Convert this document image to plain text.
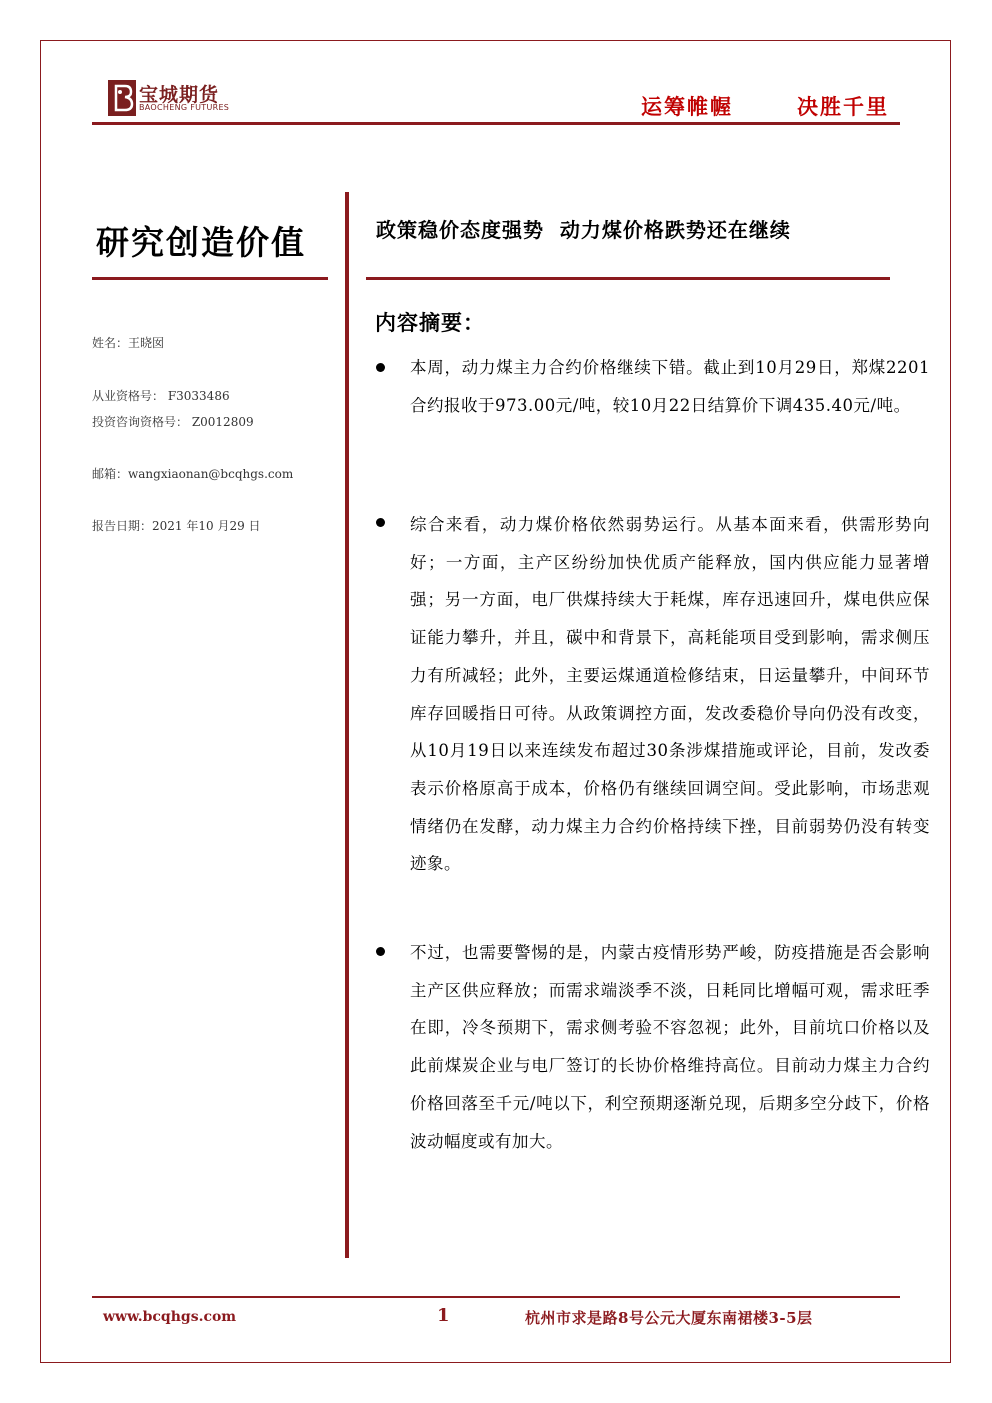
宝城期货
BAOCHENG FUTURES	运筹帷幄	决胜千里
研究创造价值
姓名：王晓囡
从业资格号： F3033486
投资咨询资格号： Z0012809
邮箱：wangxiaonan@bcqhgs.com
报告日期：2021 年10 月29 日
政策稳价态度强势  动力煤价格跌势还在继续
内容摘要：
本周，动力煤主力合约价格继续下错。截止到10月29日，郑煤2201合约报收于973.00元/吨，较10月22日结算价下调435.40元/吨。
综合来看，动力煤价格依然弱势运行。从基本面来看，供需形势向好；一方面，主产区纷纷加快优质产能释放，国内供应能力显著增强；另一方面，电厂供煤持续大于耗煤，库存迅速回升，煤电供应保证能力攀升，并且，碳中和背景下，高耗能项目受到影响，需求侧压力有所减轻；此外，主要运煤通道检修结束，日运量攀升，中间环节库存回暖指日可待。从政策调控方面，发改委稳价导向仍没有改变，从10月19日以来连续发布超过30条涉煤措施或评论，目前，发改委表示价格原高于成本，价格仍有继续回调空间。受此影响，市场悲观情绪仍在发酵，动力煤主力合约价格持续下挫，目前弱势仍没有转变迹象。
不过，也需要警惕的是，内蒙古疫情形势严峻，防疫措施是否会影响主产区供应释放；而需求端淡季不淡，日耗同比增幅可观，需求旺季在即，冷冬预期下，需求侧考验不容忽视；此外，目前坑口价格以及此前煤炭企业与电厂签订的长协价格维持高位。目前动力煤主力合约价格回落至千元/吨以下，利空预期逐渐兑现，后期多空分歧下，价格波动幅度或有加大。
www.bcqhgs.com	1	杭州市求是路8号公元大厦东南裙楼3-5层
